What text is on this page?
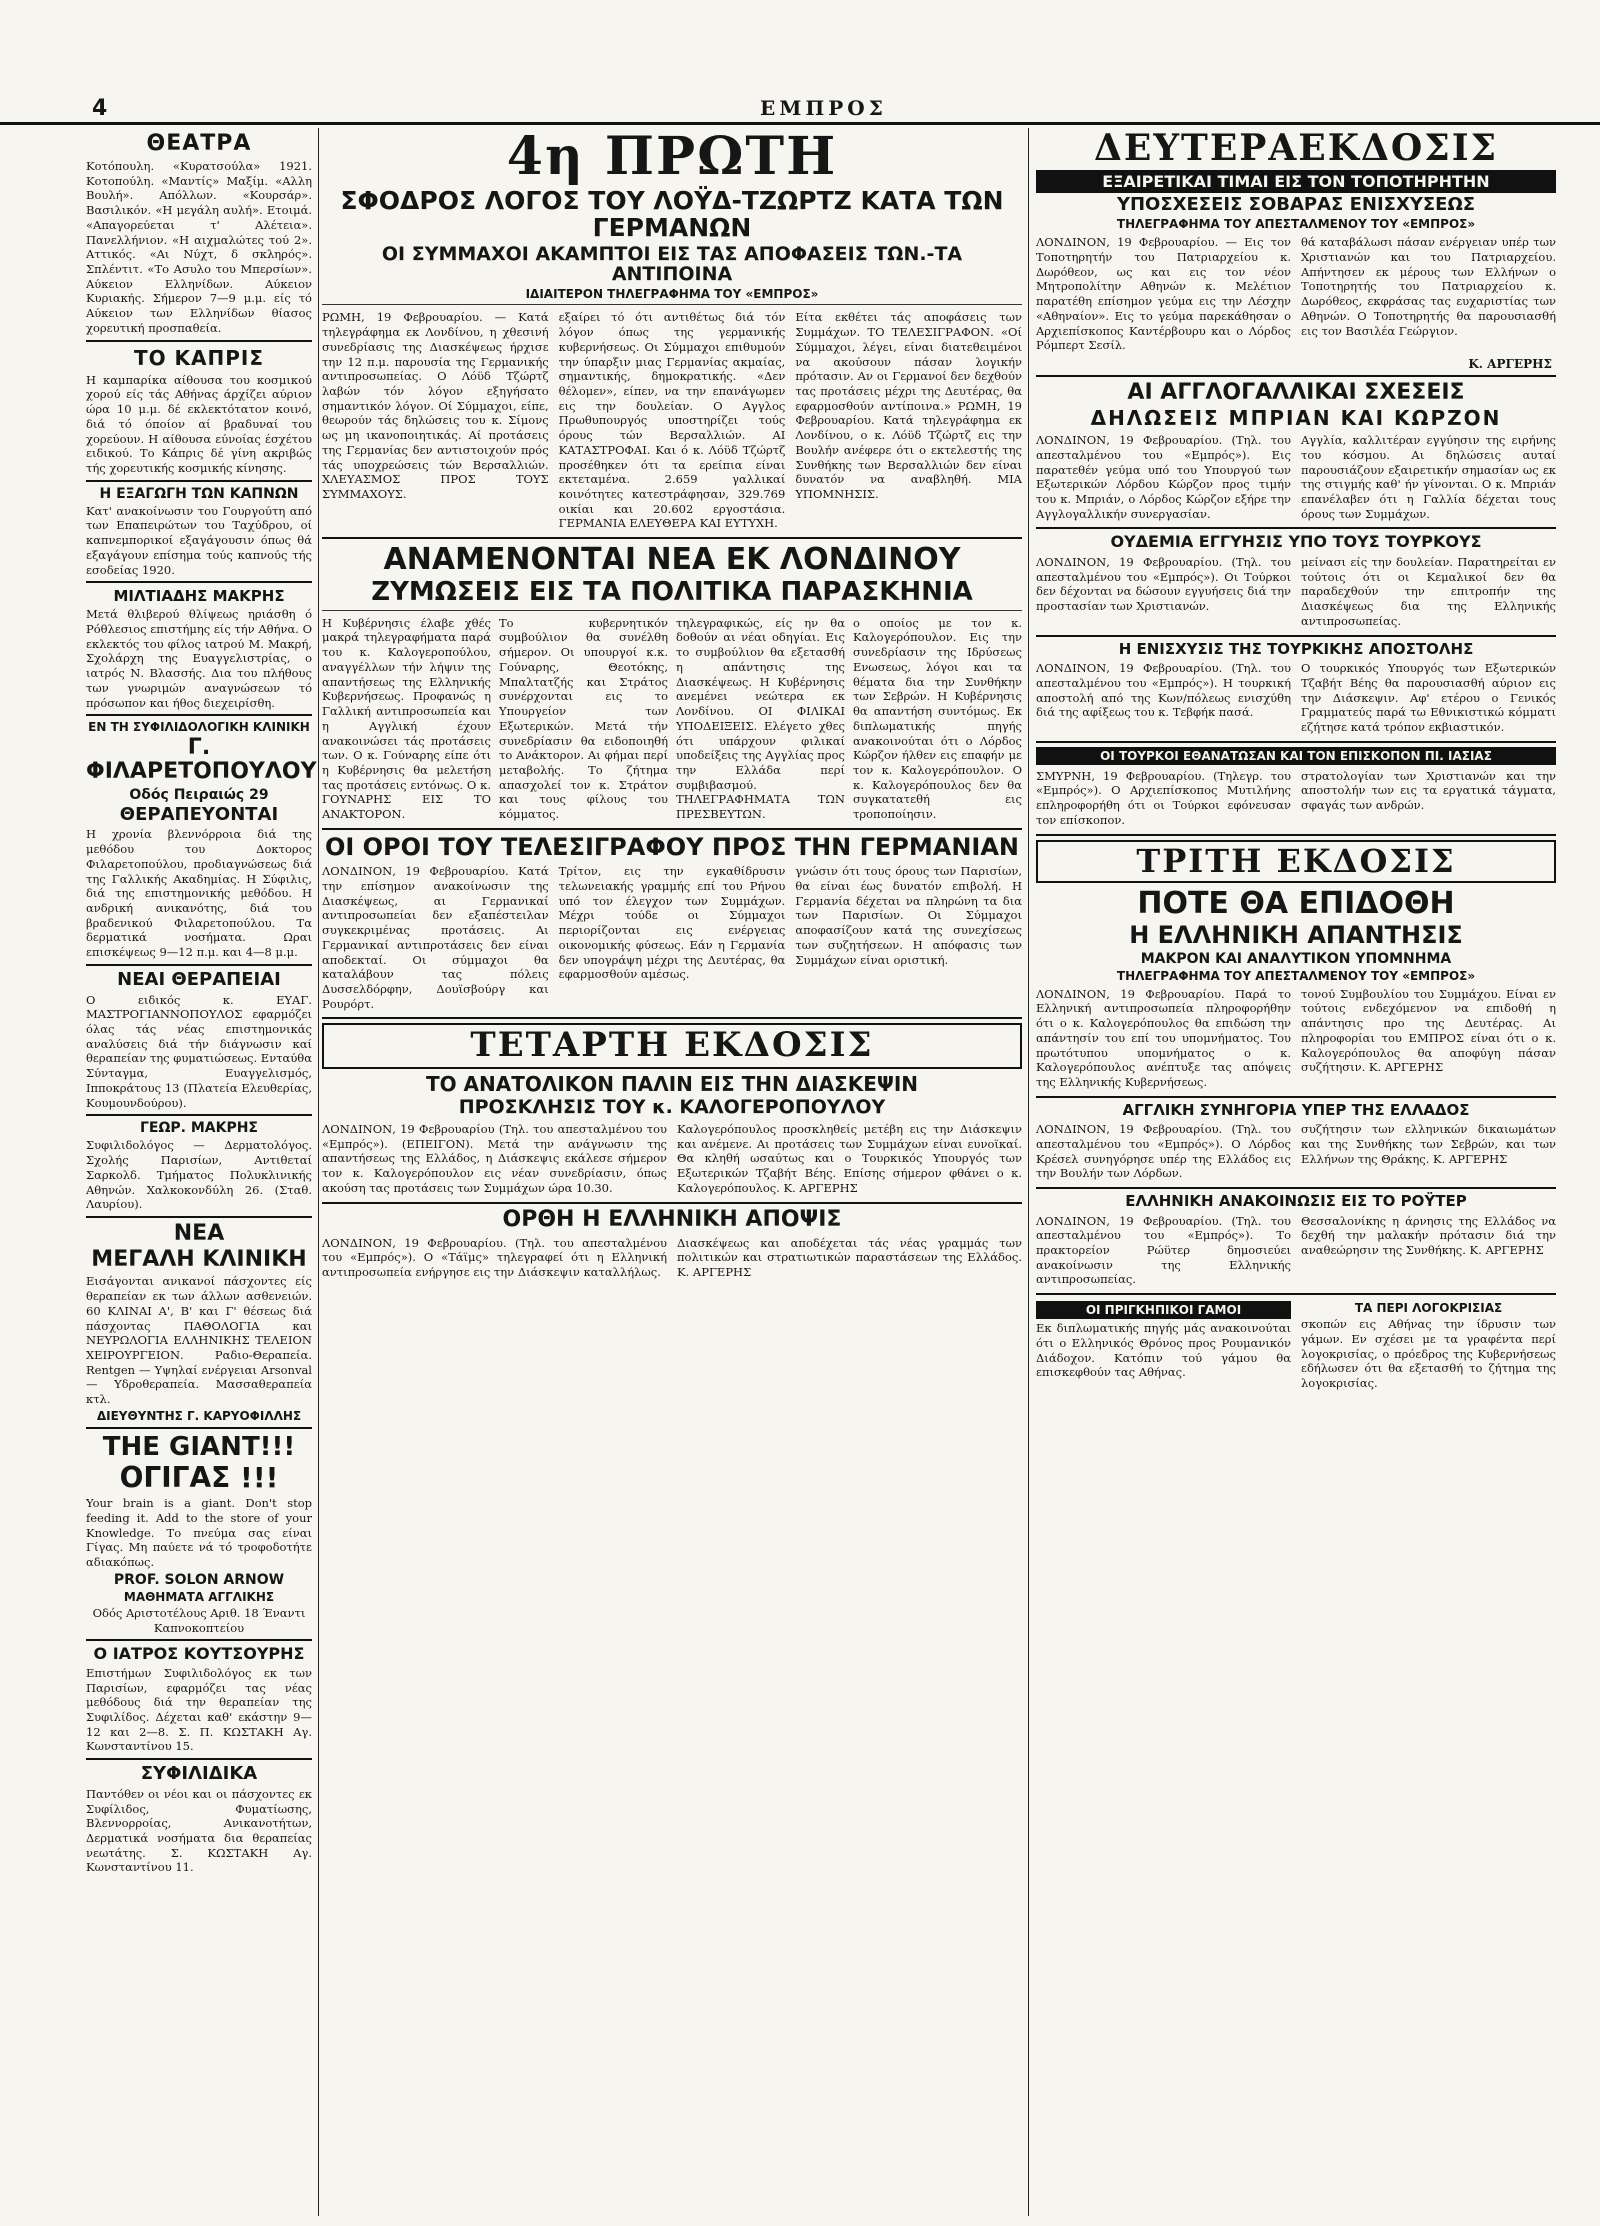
4	ΕΜΠΡΟΣ
ΘΕΑΤΡΑ
Κοτόπουλη. «Κυρατσούλα» 1921. Κοτοπούλη. «Μαντίς» Μαξίμ. «Αλλη Βουλή». Απόλλων. «Κουρσάρ». Βασιλικόν. «Η μεγάλη αυλή». Ετοιμά. «Απαγορεύεται τ' Αλέτεια». Πανελλήνιον. «Η αιχμαλώτες τού 2». Αττικός. «Αι Νύχτ, δ σκληρός». Σπλέντιτ. «Το Ασυλο του Μπερσίων». Αύκειον Ελληνίδων. Αύκειον Κυριακής. Σήμερον 7—9 μ.μ. είς τό Αύκειον των Ελληνίδων θίασος χορευτική προσπαθεία.
ΤΟ ΚΑΠΡΙΣ
Η καμπαρίκα αίθουσα του κοσμικού χορού είς τάς Αθήνας άρχίζει αύριον ώρα 10 μ.μ. δέ εκλεκτότατον κοινό, διά τό όποίον αί βραδυναί του χορεύουν. Η αίθουσα εύνοίας έσχέτου ειδικού. Το Κάπρις δέ γίνη ακριβώς τής χορευτικής κοσμικής κίνησης.
Η ΕΞΑΓΩΓΗ ΤΩΝ ΚΑΠΝΩΝ
Κατ' ανακοίνωσιν του Γουργούτη από των Επαπειρώτων του Ταχύδρου, οί καπνεμπορικοί εξαγάγουσιν όπως θά εξαγάγουν επίσημα τούς καπνούς τής εσοδείας 1920.
ΜΙΛΤΙΑΔΗΣ ΜΑΚΡΗΣ
Μετά θλιβερού θλίψεως ηριάσθη ό Ρόθλεσιος επιστήμης είς τήν Αθήνα. Ο εκλεκτός του φίλος ιατρού Μ. Μακρή, Σχολάρχη της Ευαγγελιστρίας, ο ιατρός Ν. Βλασσής. Δια του πλήθους των γνωριμών αναγνώσεων τό πρόσωπον και ήθος διεχειρίσθη.
ΕΝ ΤΗ ΣΥΦΙΛΙΔΟΛΟΓΙΚΗ ΚΛΙΝΙΚΗ
Γ. ΦΙΛΑΡΕΤΟΠΟΥΛΟΥ
Οδός Πειραιώς 29
ΘΕΡΑΠΕΥΟΝΤΑΙ
Η χρονία βλεννόρροια διά της μεθόδου του Δοκτορος Φιλαρετοπούλου, προδιαγνώσεως διά της Γαλλικής Ακαδημίας. Η Σύφιλις, διά της επιστημονικής μεθόδου. Η ανδρική ανικανότης, διά του βραδενικού Φιλαρετοπούλου. Τα δερματικά νοσήματα. Ωραι επισκέψεως 9—12 π.μ. και 4—8 μ.μ.
ΝΕΑΙ ΘΕΡΑΠΕΙΑΙ
Ο ειδικός κ. ΕΥΑΓ. ΜΑΣΤΡΟΓΙΑΝΝΟΠΟΥΛΟΣ εφαρμόζει όλας τάς νέας επιστημονικάς αναλύσεις διά τήν διάγνωσιν καί θεραπείαν της φυματιώσεως. Ενταύθα Σύνταγμα, Ευαγγελισμός, Ιπποκράτους 13 (Πλατεία Ελευθερίας, Κουμουνδούρου).
ΓΕΩΡ. ΜΑΚΡΗΣ
Συφιλιδολόγος — Δερματολόγος. Σχολής Παρισίων, Αντιθεταί Σαρκολδ. Τμήματος Πολυκλινικής Αθηνών. Χαλκοκονδύλη 26. (Σταθ. Λαυρίου).
ΝΕΑ
ΜΕΓΑΛΗ ΚΛΙΝΙΚΗ
Εισάγονται ανικανοί πάσχοντες είς θεραπείαν εκ των άλλων ασθενειών. 60 ΚΛΙΝΑΙ Α', Β' και Γ' θέσεως διά πάσχοντας ΠΑΘΟΛΟΓΙΑ και ΝΕΥΡΩΛΟΓΙΑ ΕΛΛΗΝΙΚΗΣ ΤΕΛΕΙΟΝ ΧΕΙΡΟΥΡΓΕΙΟΝ. Ραδιο-Θεραπεία. Rentgen — Υψηλαί ενέργειαι Arsonval — Υδροθεραπεία. Μασσαθεραπεία κτλ.
ΔΙΕΥΘΥΝΤΗΣ Γ. ΚΑΡΥΟΦΙΛΛΗΣ
THE GIANT!!!
ΟΓΙΓΑΣ !!!
Your brain is a giant. Don't stop feeding it. Add to the store of your Knowledge. Το πνεύμα σας είναι Γίγας. Μη παύετε νά τό τροφοδοτήτε αδιακόπως.
PROF. SOLON ARNOW
ΜΑΘΗΜΑΤΑ ΑΓΓΛΙΚΗΣ
Οδός Αριστοτέλους Αριθ. 18 Έναντι Καπνοκοπτείου
Ο ΙΑΤΡΟΣ ΚΟΥΤΣΟΥΡΗΣ
Επιστήμων Συφιλιδολόγος εκ των Παρισίων, εφαρμόζει τας νέας μεθόδους διά την θεραπείαν της Συφιλίδος. Δέχεται καθ' εκάστην 9—12 και 2—8. Σ. Π. ΚΩΣΤΑΚΗ Αγ. Κωνσταντίνου 15.
ΣΥΦΙΛΙΔΙΚΑ
Παντόθεν οι νέοι και οι πάσχοντες εκ Συφίλιδος, Φυματίωσης, Βλεννορροίας, Ανικανοτήτων, Δερματικά νοσήματα δια θεραπείας νεωτάτης. Σ. ΚΩΣΤΑΚΗ Αγ. Κωνσταντίνου 11.
4η ΠΡΩΤΗ
ΣΦΟΔΡΟΣ ΛΟΓΟΣ ΤΟΥ ΛΟΫΔ-ΤΖΩΡΤΖ ΚΑΤΑ ΤΩΝ ΓΕΡΜΑΝΩΝ
ΟΙ ΣΥΜΜΑΧΟΙ ΑΚΑΜΠΤΟΙ ΕΙΣ ΤΑΣ ΑΠΟΦΑΣΕΙΣ ΤΩΝ.-ΤΑ ΑΝΤΙΠΟΙΝΑ
ΙΔΙΑΙΤΕΡΟΝ ΤΗΛΕΓΡΑΦΗΜΑ ΤΟΥ «ΕΜΠΡΟΣ»
ΡΩΜΗ, 19 Φεβρουαρίου. — Κατά τηλεγράφημα εκ Λονδίνου, η χθεσινή συνεδρίασις της Διασκέψεως ήρχισε την 12 π.μ. παρουσία της Γερμανικής αντιπροσωπείας. Ο Λόϋδ Τζώρτζ λαβών τόν λόγον εξηγήσατο σημαντικόν λόγον. Οί Σύμμαχοι, είπε, θεωρούν τάς δηλώσεις του κ. Σίμονς ως μη ικανοποιητικάς. Αί προτάσεις της Γερμανίας δεν αντιστοιχούν πρός τάς υποχρεώσεις τών Βερσαλλιών. ΧΛΕΥΑΣΜΟΣ ΠΡΟΣ ΤΟΥΣ ΣΥΜΜΑΧΟΥΣ.
εξαίρει τό ότι αντιθέτως διά τόν λόγον όπως της γερμανικής κυβερνήσεως. Οι Σύμμαχοι επιθυμούν την ύπαρξιν μιας Γερμανίας ακμαίας, σημαντικής, δημοκρατικής. «Δεν θέλομεν», είπεν, να την επανάγωμεν εις την δουλείαν. Ο Αγγλος Πρωθυπουργός υποστηρίζει τούς όρους τών Βερσαλλιών. ΑΙ ΚΑΤΑΣΤΡΟΦΑΙ. Και ό κ. Λόϋδ Τζώρτζ προσέθηκεν ότι τα ερείπια είναι εκτεταμένα. 2.659 γαλλικαί κοινότητες κατεστράφησαν, 329.769 οικίαι και 20.602 εργοστάσια. ΓΕΡΜΑΝΙΑ ΕΛΕΥΘΕΡΑ ΚΑΙ ΕΥΤΥΧΗ.
Είτα εκθέτει τάς αποφάσεις των Συμμάχων. ΤΟ ΤΕΛΕΣΙΓΡΑΦΟΝ. «Οί Σύμμαχοι, λέγει, είναι διατεθειμένοι να ακούσουν πάσαν λογικήν πρότασιν. Αν οι Γερμανοί δεν δεχθούν τας προτάσεις μέχρι της Δευτέρας, θα εφαρμοσθούν αντίποινα.» ΡΩΜΗ, 19 Φεβρουαρίου. Κατά τηλεγράφημα εκ Λονδίνου, ο κ. Λόϋδ Τζώρτζ εις την Βουλήν ανέφερε ότι ο εκτελεστής της Συνθήκης των Βερσαλλιών δεν είναι δυνατόν να αναβληθή. ΜΙΑ ΥΠΟΜΝΗΣΙΣ.
ΑΝΑΜΕΝΟΝΤΑΙ ΝΕΑ ΕΚ ΛΟΝΔΙΝΟΥ
ΖΥΜΩΣΕΙΣ ΕΙΣ ΤΑ ΠΟΛΙΤΙΚΑ ΠΑΡΑΣΚΗΝΙΑ
Η Κυβέρνησις έλαβε χθές μακρά τηλεγραφήματα παρά του κ. Καλογεροπούλου, αναγγέλλων τήν λήψιν της απαντήσεως της Ελληνικής Κυβερνήσεως. Προφανώς η Γαλλική αντιπροσωπεία και η Αγγλική έχουν ανακοινώσει τάς προτάσεις των. Ο κ. Γούναρης είπε ότι η Κυβέρνησις θα μελετήση τας προτάσεις εντόνως. Ο κ. ΓΟΥΝΑΡΗΣ ΕΙΣ ΤΟ ΑΝΑΚΤΟΡΟΝ.
Το κυβερνητικόν συμβούλιον θα συνέλθη σήμερον. Οι υπουργοί κ.κ. Γούναρης, Θεοτόκης, Μπαλτατζής και Στράτος συνέρχονται εις το Υπουργείον των Εξωτερικών. Μετά τήν συνεδρίασιν θα ειδοποιηθή το Ανάκτορον. Αι φήμαι περί μεταβολής. Το ζήτημα απασχολεί τον κ. Στράτον και τους φίλους του κόμματος.
τηλεγραφικώς, είς ην θα δοθούν αι νέαι οδηγίαι. Εις το συμβούλιον θα εξετασθή η απάντησις της Διασκέψεως. Η Κυβέρνησις ανεμένει νεώτερα εκ Λονδίνου. ΟΙ ΦΙΛΙΚΑΙ ΥΠΟΔΕΙΞΕΙΣ. Ελέγετο χθες ότι υπάρχουν φιλικαί υποδείξεις της Αγγλίας προς την Ελλάδα περί συμβιβασμού. ΤΗΛΕΓΡΑΦΗΜΑΤΑ ΤΩΝ ΠΡΕΣΒΕΥΤΩΝ.
ο οποίος με τον κ. Καλογερόπουλον. Εις την συνεδρίασιν της Ιδρύσεως Ενωσεως, λόγοι και τα θέματα δια την Συνθήκην των Σεβρών. Η Κυβέρνησις θα απαντήση συντόμως. Εκ διπλωματικής πηγής ανακοινούται ότι ο Λόρδος Κώρζον ήλθεν εις επαφήν με τον κ. Καλογερόπουλον. Ο κ. Καλογερόπουλος δεν θα συγκατατεθή εις τροποποίησιν.
ΟΙ ΟΡΟΙ ΤΟΥ ΤΕΛΕΣΙΓΡΑΦΟΥ ΠΡΟΣ ΤΗΝ ΓΕΡΜΑΝΙΑΝ
ΛΟΝΔΙΝΟΝ, 19 Φεβρουαρίου. Κατά την επίσημον ανακοίνωσιν της Διασκέψεως, αι Γερμανικαί αντιπροσωπείαι δεν εξαπέστειλαν συγκεκριμένας προτάσεις. Αι Γερμανικαί αντιπροτάσεις δεν είναι αποδεκταί. Οι σύμμαχοι θα καταλάβουν τας πόλεις Δυσσελδόρφην, Δουϊσβούργ και Ρουρόρτ.
Τρίτον, εις την εγκαθίδρυσιν τελωνειακής γραμμής επί του Ρήνου υπό τον έλεγχον των Συμμάχων. Μέχρι τούδε οι Σύμμαχοι περιορίζονται εις ενέργειας οικονομικής φύσεως. Εάν η Γερμανία δεν υπογράψη μέχρι της Δευτέρας, θα εφαρμοσθούν αμέσως.
γνώσιν ότι τους όρους των Παρισίων, θα είναι έως δυνατόν επιβολή. Η Γερμανία δέχεται να πληρώνη τα δια των Παρισίων. Οι Σύμμαχοι αποφασίζουν κατά της συνεχίσεως των συζητήσεων. Η απόφασις των Συμμάχων είναι οριστική.
ΤΕΤΑΡΤΗ ΕΚΔΟΣΙΣ
ΤΟ ΑΝΑΤΟΛΙΚΟΝ ΠΑΛΙΝ ΕΙΣ ΤΗΝ ΔΙΑΣΚΕΨΙΝ
ΠΡΟΣΚΛΗΣΙΣ ΤΟΥ κ. ΚΑΛΟΓΕΡΟΠΟΥΛΟΥ
ΛΟΝΔΙΝΟΝ, 19 Φεβρουαρίου (Τηλ. του απεσταλμένου του «Εμπρός»). (ΕΠΕΙΓΟΝ). Μετά την ανάγνωσιν της απαντήσεως της Ελλάδος, η Διάσκεψις εκάλεσε σήμερον τον κ. Καλογερόπουλον εις νέαν συνεδρίασιν, όπως ακούση τας προτάσεις των Συμμάχων ώρα 10.30.
Καλογερόπουλος προσκληθείς μετέβη εις την Διάσκεψιν και ανέμενε. Αι προτάσεις των Συμμάχων είναι ευνοϊκαί. Θα κληθή ωσαύτως και ο Τουρκικός Υπουργός των Εξωτερικών Τζαβήτ Βέης. Επίσης σήμερον φθάνει ο κ. Καλογερόπουλος. Κ. ΑΡΓΕΡΗΣ
ΟΡΘΗ Η ΕΛΛΗΝΙΚΗ ΑΠΟΨΙΣ
ΛΟΝΔΙΝΟΝ, 19 Φεβρουαρίου. (Τηλ. του απεσταλμένου του «Εμπρός»). Ο «Τάϊμς» τηλεγραφεί ότι η Ελληνική αντιπροσωπεία ενήργησε εις την Διάσκεψιν καταλλήλως.
Διασκέψεως και αποδέχεται τάς νέας γραμμάς των πολιτικών και στρατιωτικών παραστάσεων της Ελλάδος. Κ. ΑΡΓΕΡΗΣ
ΔΕΥΤΕΡΑΕΚΔΟΣΙΣ
ΕΞΑΙΡΕΤΙΚΑΙ ΤΙΜΑΙ ΕΙΣ ΤΟΝ ΤΟΠΟΤΗΡΗΤΗΝ
ΥΠΟΣΧΕΣΕΙΣ ΣΟΒΑΡΑΣ ΕΝΙΣΧΥΣΕΩΣ
ΤΗΛΕΓΡΑΦΗΜΑ ΤΟΥ ΑΠΕΣΤΑΛΜΕΝΟΥ ΤΟΥ «ΕΜΠΡΟΣ»
ΛΟΝΔΙΝΟΝ, 19 Φεβρουαρίου. — Εις τον Τοποτηρητήν του Πατριαρχείου κ. Δωρόθεον, ως και εις τον νέον Μητροπολίτην Αθηνών κ. Μελέτιον παρατέθη επίσημον γεύμα εις την Λέσχην «Αθηναίον». Εις το γεύμα παρεκάθησαν ο Αρχιεπίσκοπος Καντέρβουρυ και ο Λόρδος Ρόμπερτ Σεσίλ.
θά καταβάλωσι πάσαν ενέργειαν υπέρ των Χριστιανών και του Πατριαρχείου. Απήντησεν εκ μέρους των Ελλήνων ο Τοποτηρητής του Πατριαρχείου κ. Δωρόθεος, εκφράσας τας ευχαριστίας των Αθηνών. Ο Τοποτηρητής θα παρουσιασθή εις τον Βασιλέα Γεώργιον.
Κ. ΑΡΓΕΡΗΣ
ΑΙ ΑΓΓΛΟΓΑΛΛΙΚΑΙ ΣΧΕΣΕΙΣ
ΔΗΛΩΣΕΙΣ ΜΠΡΙΑΝ ΚΑΙ ΚΩΡΖΟΝ
ΛΟΝΔΙΝΟΝ, 19 Φεβρουαρίου. (Τηλ. του απεσταλμένου του «Εμπρός»). Εις παρατεθέν γεύμα υπό του Υπουργού των Εξωτερικών Λόρδου Κώρζον προς τιμήν του κ. Μπριάν, ο Λόρδος Κώρζον εξήρε την Αγγλογαλλικήν συνεργασίαν.
Αγγλία, καλλιτέραν εγγύησιν της ειρήνης του κόσμου. Αι δηλώσεις αυταί παρουσιάζουν εξαιρετικήν σημασίαν ως εκ της στιγμής καθ' ήν γίνονται. Ο κ. Μπριάν επανέλαβεν ότι η Γαλλία δέχεται τους όρους των Συμμάχων.
ΟΥΔΕΜΙΑ ΕΓΓΥΗΣΙΣ ΥΠΟ ΤΟΥΣ ΤΟΥΡΚΟΥΣ
ΛΟΝΔΙΝΟΝ, 19 Φεβρουαρίου. (Τηλ. του απεσταλμένου του «Εμπρός»). Οι Τούρκοι δεν δέχονται να δώσουν εγγυήσεις διά την προστασίαν των Χριστιανών.
μείνασι είς την δουλείαν. Παρατηρείται εν τούτοις ότι οι Κεμαλικοί δεν θα παραδεχθούν την επιτροπήν της Διασκέψεως δια της Ελληνικής αντιπροσωπείας.
Η ΕΝΙΣΧΥΣΙΣ ΤΗΣ ΤΟΥΡΚΙΚΗΣ ΑΠΟΣΤΟΛΗΣ
ΛΟΝΔΙΝΟΝ, 19 Φεβρουαρίου. (Τηλ. του απεσταλμένου του «Εμπρός»). Η τουρκική αποστολή από της Κων/πόλεως ενισχύθη διά της αφίξεως του κ. Τεβφήκ πασά.
Ο τουρκικός Υπουργός των Εξωτερικών Τζαβήτ Βέης θα παρουσιασθή αύριον εις την Διάσκεψιν. Αφ' ετέρου ο Γενικός Γραμματεύς παρά τω Εθνικιστικώ κόμματι εζήτησε κατά τρόπον εκβιαστικόν.
ΟΙ ΤΟΥΡΚΟΙ ΕΘΑΝΑΤΩΣΑΝ ΚΑΙ ΤΟΝ ΕΠΙΣΚΟΠΟΝ ΠΙ. ΙΑΣΙΑΣ
ΣΜΥΡΝΗ, 19 Φεβρουαρίου. (Τηλεγρ. του «Εμπρός»). Ο Αρχιεπίσκοπος Μυτιλήνης επληροφορήθη ότι οι Τούρκοι εφόνευσαν τον επίσκοπον.
στρατολογίαν των Χριστιανών και την αποστολήν των εις τα εργατικά τάγματα, σφαγάς των ανδρών.
ΤΡΙΤΗ ΕΚΔΟΣΙΣ
ΠΟΤΕ ΘΑ ΕΠΙΔΟΘΗ
Η ΕΛΛΗΝΙΚΗ ΑΠΑΝΤΗΣΙΣ
ΜΑΚΡΟΝ ΚΑΙ ΑΝΑΛΥΤΙΚΟΝ ΥΠΟΜΝΗΜΑ
ΤΗΛΕΓΡΑΦΗΜΑ ΤΟΥ ΑΠΕΣΤΑΛΜΕΝΟΥ ΤΟΥ «ΕΜΠΡΟΣ»
ΛΟΝΔΙΝΟΝ, 19 Φεβρουαρίου. Παρά το Ελληνική αντιπροσωπεία πληροφορήθην ότι ο κ. Καλογερόπουλος θα επιδώση την απάντησίν του επί του υπομνήματος. Του πρωτότυπου υπομνήματος ο κ. Καλογερόπουλος ανέπτυξε τας απόψεις της Ελληνικής Κυβερνήσεως.
τονού Συμβουλίου του Συμμάχου. Είναι εν τούτοις ενδεχόμενον να επιδοθή η απάντησις προ της Δευτέρας. Αι πληροφορίαι του ΕΜΠΡΟΣ είναι ότι ο κ. Καλογερόπουλος θα αποφύγη πάσαν συζήτησιν. Κ. ΑΡΓΕΡΗΣ
ΑΓΓΛΙΚΗ ΣΥΝΗΓΟΡΙΑ ΥΠΕΡ ΤΗΣ ΕΛΛΑΔΟΣ
ΛΟΝΔΙΝΟΝ, 19 Φεβρουαρίου. (Τηλ. του απεσταλμένου του «Εμπρός»). Ο Λόρδος Κρέσελ συνηγόρησε υπέρ της Ελλάδος εις την Βουλήν των Λόρδων.
συζήτησιν των ελληνικών δικαιωμάτων και της Συνθήκης των Σεβρών, και των Ελλήνων της Θράκης. Κ. ΑΡΓΕΡΗΣ
ΕΛΛΗΝΙΚΗ ΑΝΑΚΟΙΝΩΣΙΣ ΕΙΣ ΤΟ ΡΟΫΤΕΡ
ΛΟΝΔΙΝΟΝ, 19 Φεβρουαρίου. (Τηλ. του απεσταλμένου του «Εμπρός»). Το πρακτορείον Ρώϋτερ δημοσιεύει ανακοίνωσιν της Ελληνικής αντιπροσωπείας.
Θεσσαλονίκης η άρνησις της Ελλάδος να δεχθή την μαλακήν πρότασιν διά την αναθεώρησιν της Συνθήκης. Κ. ΑΡΓΕΡΗΣ
ΟΙ ΠΡΙΓΚΗΠΙΚΟΙ ΓΑΜΟΙ
Εκ διπλωματικής πηγής μάς ανακοινούται ότι ο Ελληνικός Θρόνος προς Ρουμανικόν Διάδοχον. Κατόπιν τού γάμου θα επισκεφθούν τας Αθήνας.
ΤΑ ΠΕΡΙ ΛΟΓΟΚΡΙΣΙΑΣ
σκοπών εις Αθήνας την ίδρυσιν των γάμων. Εν σχέσει με τα γραφέντα περί λογοκρισίας, ο πρόεδρος της Κυβερνήσεως εδήλωσεν ότι θα εξετασθή το ζήτημα της λογοκρισίας.
